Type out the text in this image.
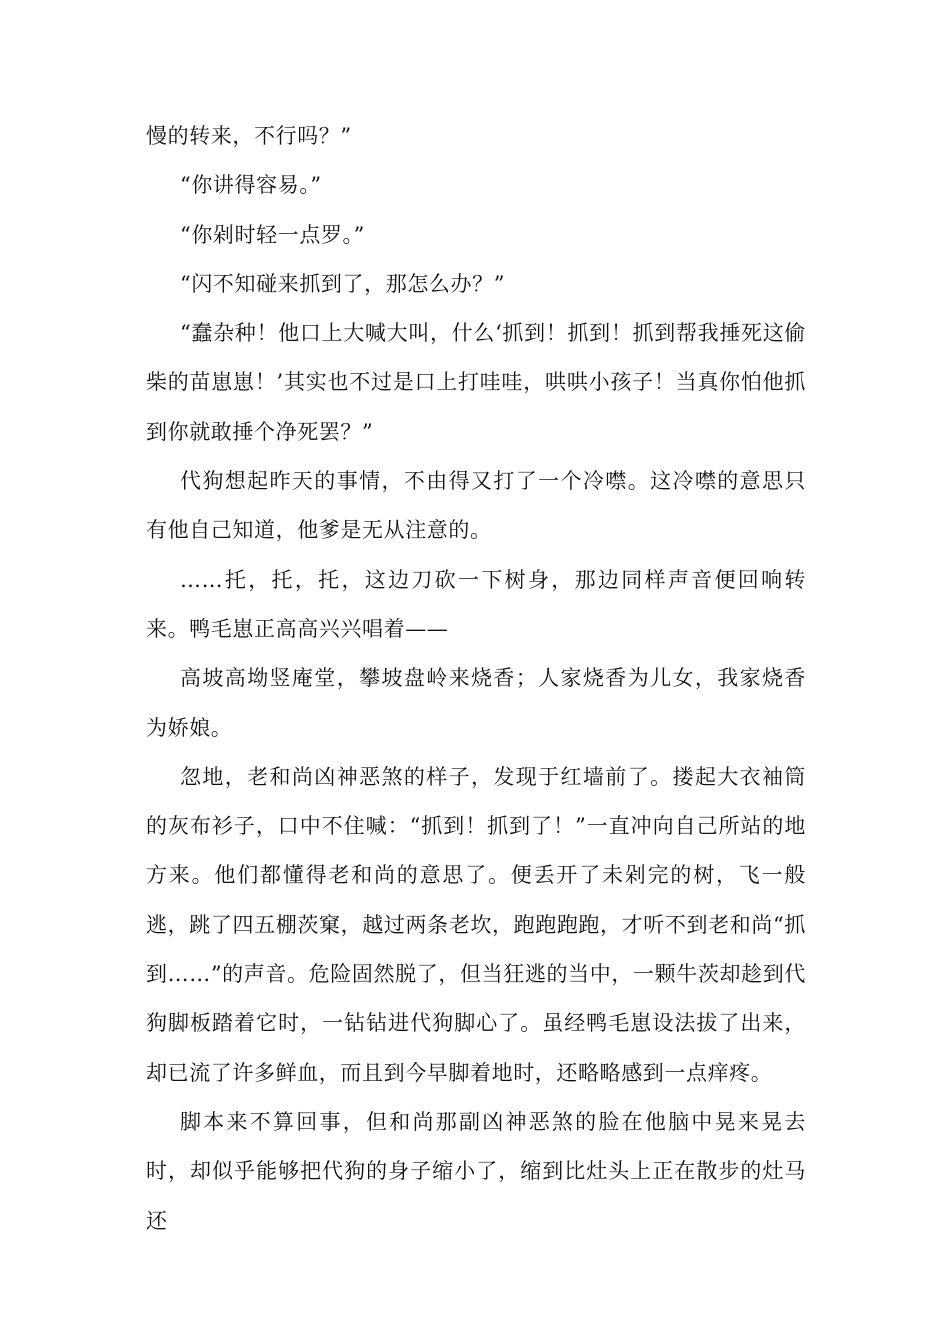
慢的转来，不行吗？”

“你讲得容易。”

“你剁时轻一点罗。”

“闪不知碰来抓到了，那怎么办？”

“蠢杂种！他口上大喊大叫，什么‘抓到！抓到！抓到帮我捶死这偷柴的苗崽崽！’其实也不过是口上打哇哇，哄哄小孩子！当真你怕他抓到你就敢捶个净死罢？”

代狗想起昨天的事情，不由得又打了一个冷噤。这冷噤的意思只有他自己知道，他爹是无从注意的。

……托，托，托，这边刀砍一下树身，那边同样声音便回响转来。鸭毛崽正高高兴兴唱着——

高坡高坳竖庵堂，攀坡盘岭来烧香；人家烧香为儿女，我家烧香为娇娘。

忽地，老和尚凶神恶煞的样子，发现于红墙前了。搂起大衣袖筒的灰布衫子，口中不住喊：“抓到！抓到了！”一直冲向自己所站的地方来。他们都懂得老和尚的意思了。便丢开了未剁完的树，飞一般逃，跳了四五棚茨窠，越过两条老坎，跑跑跑跑，才听不到老和尚“抓到……”的声音。危险固然脱了，但当狂逃的当中，一颗牛茨却趁到代狗脚板踏着它时，一钻钻进代狗脚心了。虽经鸭毛崽设法拔了出来，却已流了许多鲜血，而且到今早脚着地时，还略略感到一点痒疼。

脚本来不算回事，但和尚那副凶神恶煞的脸在他脑中晃来晃去时，却似乎能够把代狗的身子缩小了，缩到比灶头上正在散步的灶马还
